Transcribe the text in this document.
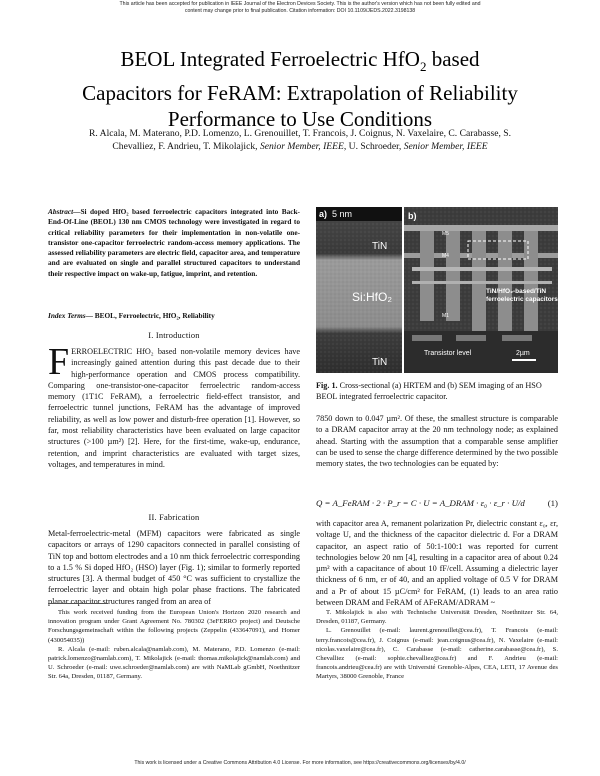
This article has been accepted for publication in IEEE Journal of the Electron Devices Society. This is the author's version which has not been fully edited and
content may change prior to final publication. Citation information: DOI 10.1109/JEDS.2022.3198138
BEOL Integrated Ferroelectric HfO$_2$ based
Capacitors for FeRAM: Extrapolation of Reliability
Performance to Use Conditions
R. Alcala, M. Materano, P.D. Lomenzo, L. Grenouillet, T. Francois, J. Coignus, N. Vaxelaire, C. Carabasse, S.
Chevalliez, F. Andrieu, T. Mikolajick, Senior Member, IEEE, U. Schroeder, Senior Member, IEEE
Abstract—Si doped HfO₂ based ferroelectric capacitors integrated into Back-End-Of-Line (BEOL) 130 nm CMOS technology were investigated in regard to critical reliability parameters for their implementation in non-volatile one-transistor one-capacitor ferroelectric random-access memory applications. The assessed reliability parameters are electric field, capacitor area, and temperature and are evaluated on single and parallel structured capacitors to understand their respective impact on wake-up, fatigue, imprint, and retention.
Index Terms— BEOL, Ferroelectric, HfO₂, Reliability
I. Introduction
FERROELECTRIC HfO₂ based non-volatile memory devices have increasingly gained attention during this past decade due to their high-performance operation and CMOS process compatibility. Comparing one-transistor-one-capacitor ferroelectric random-access memory (1T1C FeRAM), a ferroelectric field-effect transistor, and ferroelectric tunnel junctions, FeRAM has the advantage of improved reliability, as well as low power and disturb-free operation [1]. However, so far, most reliability characteristics have been evaluated on large capacitor structures (>100 µm²) [2]. Here, for the first-time, wake-up, endurance, retention, and imprint characteristics are evaluated with target sizes, voltages, and temperatures in mind.
II. Fabrication
Metal-ferroelectric-metal (MFM) capacitors were fabricated as single capacitors or arrays of 1290 capacitors connected in parallel consisting of TiN top and bottom electrodes and a 10 nm thick ferroelectric corresponding to a 1.5 % Si doped HfO₂ (HSO) layer (Fig. 1); similar to formerly reported structures [3]. A thermal budget of 450 °C was sufficient to crystallize the ferroelectric layer and obtain high polar phase fractions. The fabricated planar capacitor structures ranged from an area of
This work received funding from the European Union's Horizon 2020 research and innovation program under Grant Agreement No. 780302 (3eFERRO project) and Deutsche Forschungsgemeinschaft within the following projects (Zeppelin (433647091), and Homer (430054035))
R. Alcala (e-mail: ruben.alcala@namlab.com), M. Materano, P.D. Lomenzo (e-mail: patrick.lomenzo@namlab.com), T. Mikolajick (e-mail: thomas.mikolajick@namlab.com) and U. Schroeder (e-mail: uwe.schroeder@namlab.com) are with NaMLab gGmbH, Noethnitzer Str. 64a, Dresden, 01187, Germany.
a) 5 nm
TiN
Si:HfO₂
TiN
b)
M5
M4
M1
TiN/HfO₂-based/TiN
ferroelectric capacitors
Transistor level	2µm
Fig. 1. Cross-sectional (a) HRTEM and (b) SEM imaging of an HSO BEOL integrated ferroelectric capacitor.
7850 down to 0.047 µm². Of these, the smallest structure is comparable to a DRAM capacitor array at the 20 nm technology node; as explained ahead. Starting with the assumption that a comparable sense amplifier can be used to sense the charge difference determined by the two possible memory states, the two technologies can be equated by:
Q = A_FeRAM · 2 · P_r = C · U = A_DRAM · ε₀ · ε_r · U/d	(1)
with capacitor area A, remanent polarization Pr, dielectric constant ε₀, εr, voltage U, and the thickness of the capacitor dielectric d. For a DRAM capacitor, an aspect ratio of 50:1-100:1 was reported for current technologies below 20 nm [4], resulting in a capacitor area of about 0.24 µm² with a capacitance of about 10 fF/cell. Assuming a dielectric layer thickness of 6 nm, εr of 40, and an applied voltage of 0.5 V for DRAM and a Pr of about 15 µC/cm² for FeRAM, (1) leads to an area ratio between DRAM and FeRAM of AFeRAM/ADRAM ~
T. Mikolajick is also with Technische Universität Dresden, Noethnitzer Str. 64, Dresden, 01187, Germany.
L. Grenouillet (e-mail: laurent.grenouillet@cea.fr), T. Francois (e-mail: terry.francois@cea.fr), J. Coignus (e-mail: jean.coignus@cea.fr), N. Vaxelaire (e-mail: nicolas.vaxelaire@cea.fr), C. Carabasse (e-mail: catherine.carabasse@cea.fr), S. Chevalliez (e-mail: sophie.chevalliez@cea.fr) and F. Andrieu (e-mail: francois.andrieu@cea.fr) are with Université Grenoble-Alpes, CEA, LETI, 17 Avenue des Martyrs, 38000 Grenoble, France
This work is licensed under a Creative Commons Attribution 4.0 License. For more information, see https://creativecommons.org/licenses/by/4.0/
